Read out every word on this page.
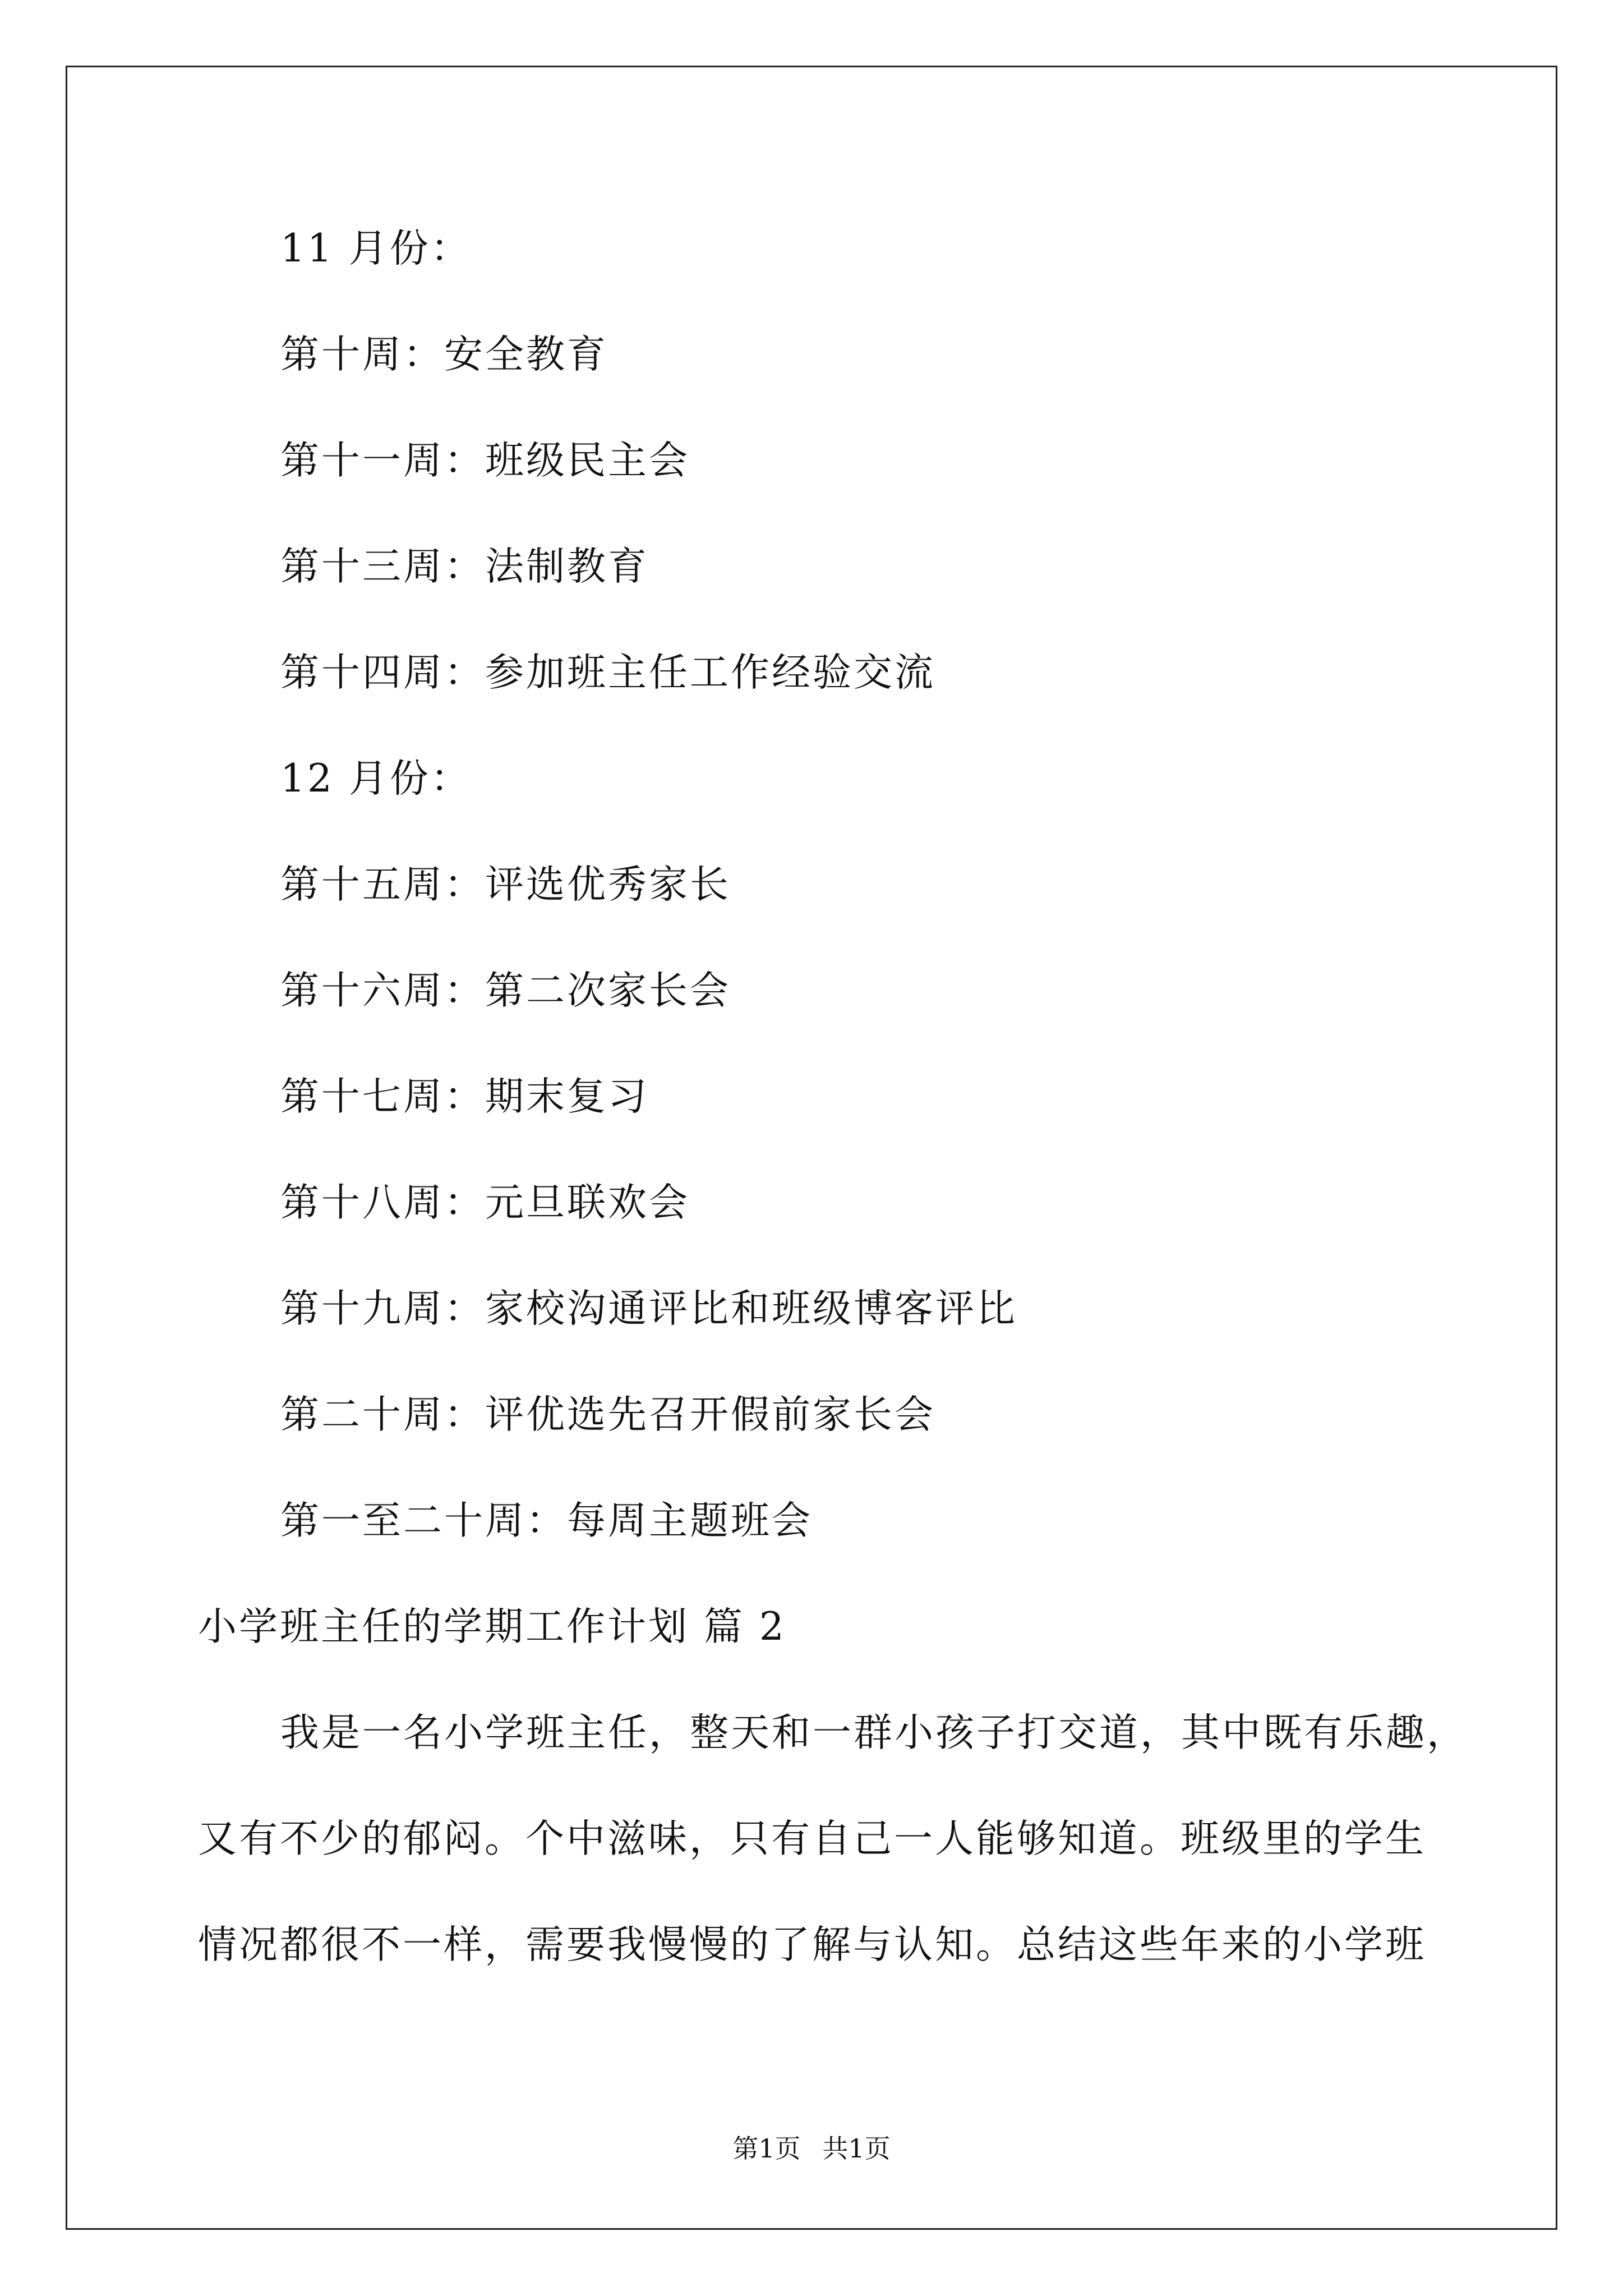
11 月份：
第十周：安全教育
第十一周：班级民主会
第十三周：法制教育
第十四周：参加班主任工作经验交流
12 月份：
第十五周：评选优秀家长
第十六周：第二次家长会
第十七周：期末复习
第十八周：元旦联欢会
第十九周：家校沟通评比和班级博客评比
第二十周：评优选先召开假前家长会
第一至二十周：每周主题班会
小学班主任的学期工作计划 篇 2
我是一名小学班主任，整天和一群小孩子打交道，其中既有乐趣，
又有不少的郁闷。个中滋味，只有自己一人能够知道。班级里的学生
情况都很不一样，需要我慢慢的了解与认知。总结这些年来的小学班
第1页 共1页
